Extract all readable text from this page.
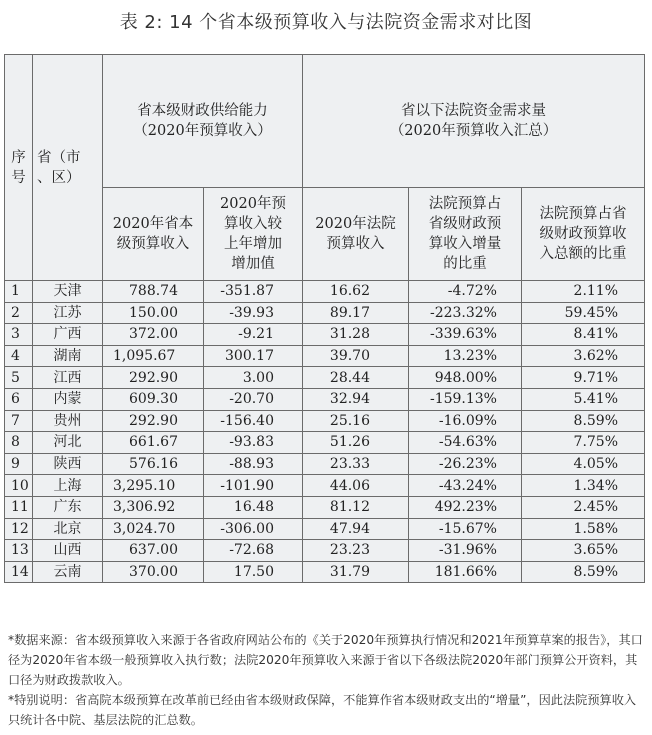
表 2: 14 个省本级预算收入与法院资金需求对比图
序
号	省（市
、区）	省本级财政供给能力
（2020年预算收入）		省以下法院资金需求量
（2020年预算收入汇总）		
		2020年省本
级预算收入	2020年预
算收入较
上年增加
增加值	2020年法院
预算收入	法院预算占
省级财政预
算收入增量
的比重	法院预算占省
级财政预算收
入总额的比重
1	天津	788.74	-351.87	16.62	-4.72%	2.11%
2	江苏	150.00	-39.93	89.17	-223.32%	59.45%
3	广西	372.00	-9.21	31.28	-339.63%	8.41%
4	湖南	1,095.67	300.17	39.70	13.23%	3.62%
5	江西	292.90	3.00	28.44	948.00%	9.71%
6	内蒙	609.30	-20.70	32.94	-159.13%	5.41%
7	贵州	292.90	-156.40	25.16	-16.09%	8.59%
8	河北	661.67	-93.83	51.26	-54.63%	7.75%
9	陕西	576.16	-88.93	23.33	-26.23%	4.05%
10	上海	3,295.10	-101.90	44.06	-43.24%	1.34%
11	广东	3,306.92	16.48	81.12	492.23%	2.45%
12	北京	3,024.70	-306.00	47.94	-15.67%	1.58%
13	山西	637.00	-72.68	23.23	-31.96%	3.65%
14	云南	370.00	17.50	31.79	181.66%	8.59%

*数据来源：省本级预算收入来源于各省政府网站公布的《关于2020年预算执行情况和2021年预算草案的报告》，其口径为2020年省本级一般预算收入执行数；法院2020年预算收入来源于省以下各级法院2020年部门预算公开资料，其口径为财政拨款收入。

*特别说明：省高院本级预算在改革前已经由省本级财政保障，不能算作省本级财政支出的“增量”，因此法院预算收入只统计各中院、基层法院的汇总数。
